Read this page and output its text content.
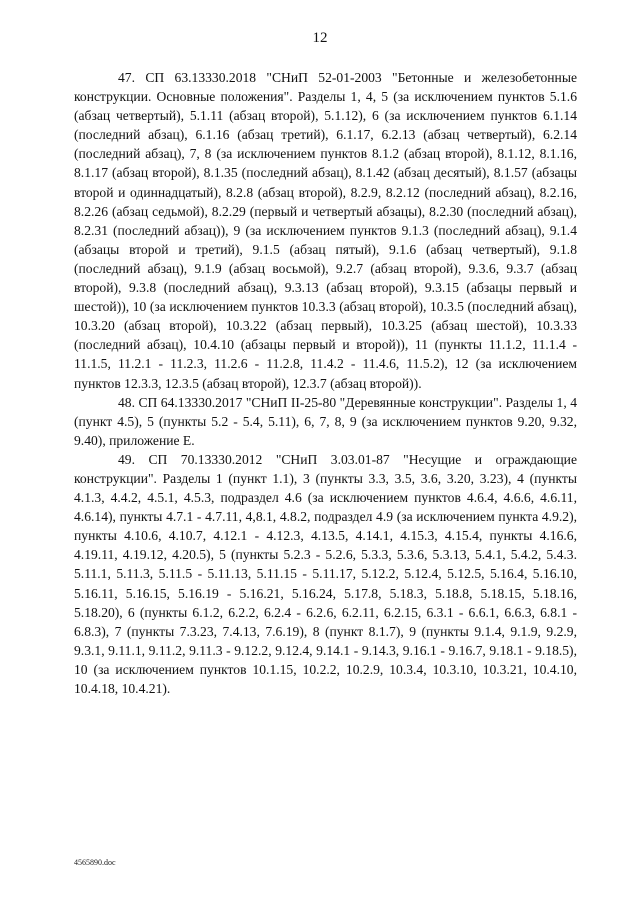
12

47. СП 63.13330.2018 "СНиП 52-01-2003 "Бетонные и железобетонные конструкции. Основные положения". Разделы 1, 4, 5 (за исключением пунктов 5.1.6 (абзац четвертый), 5.1.11 (абзац второй), 5.1.12), 6 (за исключением пунктов 6.1.14 (последний абзац), 6.1.16 (абзац третий), 6.1.17, 6.2.13 (абзац четвертый), 6.2.14 (последний абзац), 7, 8 (за исключением пунктов 8.1.2 (абзац второй), 8.1.12, 8.1.16, 8.1.17 (абзац второй), 8.1.35 (последний абзац), 8.1.42 (абзац десятый), 8.1.57 (абзацы второй и одиннадцатый), 8.2.8 (абзац второй), 8.2.9, 8.2.12 (последний абзац), 8.2.16, 8.2.26 (абзац седьмой), 8.2.29 (первый и четвертый абзацы), 8.2.30 (последний абзац), 8.2.31 (последний абзац)), 9 (за исключением пунктов 9.1.3 (последний абзац), 9.1.4 (абзацы второй и третий), 9.1.5 (абзац пятый), 9.1.6 (абзац четвертый), 9.1.8 (последний абзац), 9.1.9 (абзац восьмой), 9.2.7 (абзац второй), 9.3.6, 9.3.7 (абзац второй), 9.3.8 (последний абзац), 9.3.13 (абзац второй), 9.3.15 (абзацы первый и шестой)), 10 (за исключением пунктов 10.3.3 (абзац второй), 10.3.5 (последний абзац), 10.3.20 (абзац второй), 10.3.22 (абзац первый), 10.3.25 (абзац шестой), 10.3.33 (последний абзац), 10.4.10 (абзацы первый и второй)), 11 (пункты 11.1.2, 11.1.4 - 11.1.5, 11.2.1 - 11.2.3, 11.2.6 - 11.2.8, 11.4.2 - 11.4.6, 11.5.2), 12 (за исключением пунктов 12.3.3, 12.3.5 (абзац второй), 12.3.7 (абзац второй)).

48. СП 64.13330.2017 "СНиП II-25-80 "Деревянные конструкции". Разделы 1, 4 (пункт 4.5), 5 (пункты 5.2 - 5.4, 5.11), 6, 7, 8, 9 (за исключением пунктов 9.20, 9.32, 9.40), приложение Е.

49. СП 70.13330.2012 "СНиП 3.03.01-87 "Несущие и ограждающие конструкции". Разделы 1 (пункт 1.1), 3 (пункты 3.3, 3.5, 3.6, 3.20, 3.23), 4 (пункты 4.1.3, 4.4.2, 4.5.1, 4.5.3, подраздел 4.6 (за исключением пунктов 4.6.4, 4.6.6, 4.6.11, 4.6.14), пункты 4.7.1 - 4.7.11, 4,8.1, 4.8.2, подраздел 4.9 (за исключением пункта 4.9.2), пункты 4.10.6, 4.10.7, 4.12.1 - 4.12.3, 4.13.5, 4.14.1, 4.15.3, 4.15.4, пункты 4.16.6, 4.19.11, 4.19.12, 4.20.5), 5 (пункты 5.2.3 - 5.2.6, 5.3.3, 5.3.6, 5.3.13, 5.4.1, 5.4.2, 5.4.3. 5.11.1, 5.11.3, 5.11.5 - 5.11.13, 5.11.15 - 5.11.17, 5.12.2, 5.12.4, 5.12.5, 5.16.4, 5.16.10, 5.16.11, 5.16.15, 5.16.19 - 5.16.21, 5.16.24, 5.17.8, 5.18.3, 5.18.8, 5.18.15, 5.18.16, 5.18.20), 6 (пункты 6.1.2, 6.2.2, 6.2.4 - 6.2.6, 6.2.11, 6.2.15, 6.3.1 - 6.6.1, 6.6.3, 6.8.1 - 6.8.3), 7 (пункты 7.3.23, 7.4.13, 7.6.19), 8 (пункт 8.1.7), 9 (пункты 9.1.4, 9.1.9, 9.2.9, 9.3.1, 9.11.1, 9.11.2, 9.11.3 - 9.12.2, 9.12.4, 9.14.1 - 9.14.3, 9.16.1 - 9.16.7, 9.18.1 - 9.18.5), 10 (за исключением пунктов 10.1.15, 10.2.2, 10.2.9, 10.3.4, 10.3.10, 10.3.21, 10.4.10, 10.4.18, 10.4.21).

4565890.doc
